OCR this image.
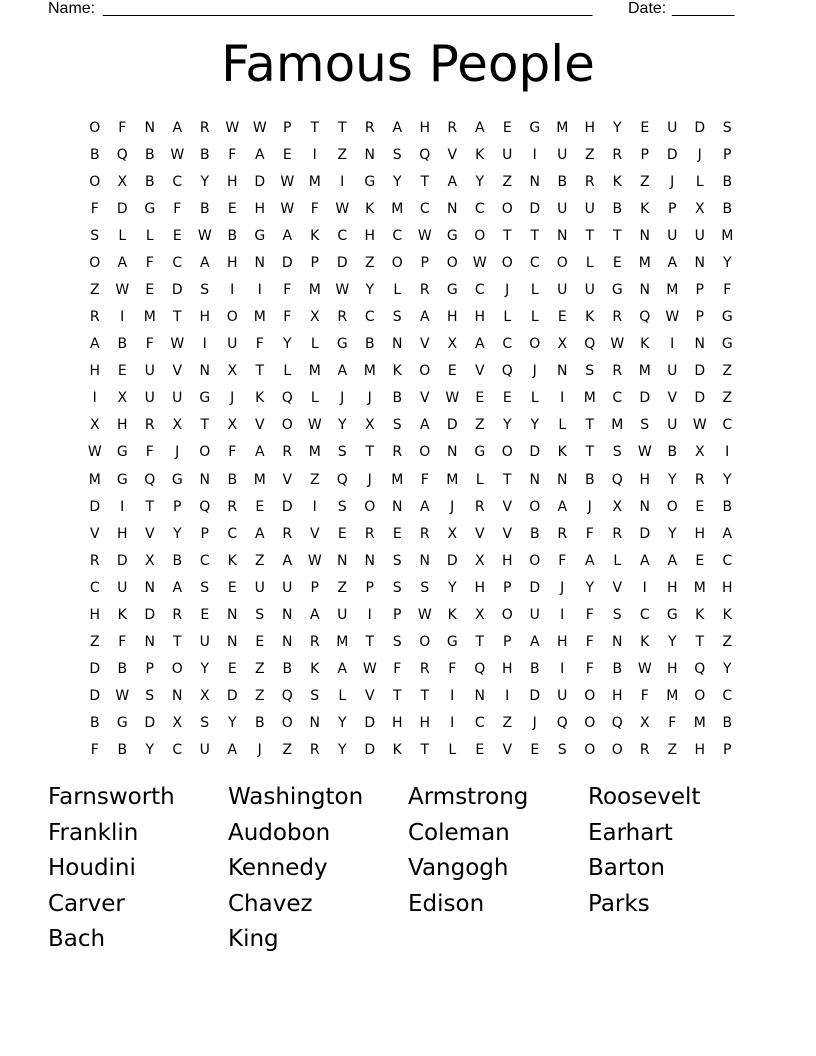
Name: _______________________________________________________ Date: _______
Famous People
O	F	N	A	R	W W	P	T	T	R	A	H	R	A	E	G	M	H	Y	E	U	D	S
B	Q	B	W	B	F	A	E	I	Z	N	S	Q	V	K	U	I	U	Z	R	P	D	J	P
O	X	B	C	Y	H	D	W	M	I	G	Y	T	A	Y	Z	N	B	R	K	Z	J	L	B
F	D	G	F	B	E	H	W	F	W	K	M	C	N	C	O	D	U	U	B	K	P	X	B
S	L	L	E	W	B	G	A	K	C	H	C	W	G	O	T	T	N	T	T	N	U	U	M
O	A	F	C	A	H	N	D	P	D	Z	O	P	O	W	O	C	O	L	E	M	A	N	Y
Z	W	E	D	S	I	I	F	M	W	Y	L	R	G	C	J	L	U	U	G	N	M	P	F
R	I	M	T	H	O	M	F	X	R	C	S	A	H	H	L	L	E	K	R	Q	W	P	G
A	B	F	W	I	U	F	Y	L	G	B	N	V	X	A	C	O	X	Q	W	K	I	N	G
H	E	U	V	N	X	T	L	M	A	M	K	O	E	V	Q	J	N	S	R	M	U	D	Z
I	X	U	U	G	J	K	Q	L	J	J	B	V	W	E	E	L	I	M	C	D	V	D	Z
X	H	R	X	T	X	V	O	W	Y	X	S	A	D	Z	Y	Y	L	T	M	S	U	W	C
W	G	F	J	O	F	A	R	M	S	T	R	O	N	G	O	D	K	T	S	W	B	X	I
M	G	Q	G	N	B	M	V	Z	Q	J	M	F	M	L	T	N	N	B	Q	H	Y	R	Y
D	I	T	P	Q	R	E	D	I	S	O	N	A	J	R	V	O	A	J	X	N	O	E	B
V	H	V	Y	P	C	A	R	V	E	R	E	R	X	V	V	B	R	F	R	D	Y	H	A
R	D	X	B	C	K	Z	A	W	N	N	S	N	D	X	H	O	F	A	L	A	A	E	C
C	U	N	A	S	E	U	U	P	Z	P	S	S	Y	H	P	D	J	Y	V	I	H	M	H
H	K	D	R	E	N	S	N	A	U	I	P	W	K	X	O	U	I	F	S	C	G	K	K
Z	F	N	T	U	N	E	N	R	M	T	S	O	G	T	P	A	H	F	N	K	Y	T	Z
D	B	P	O	Y	E	Z	B	K	A	W	F	R	F	Q	H	B	I	F	B	W	H	Q	Y
D	W	S	N	X	D	Z	Q	S	L	V	T	T	I	N	I	D	U	O	H	F	M	O	C
B	G	D	X	S	Y	B	O	N	Y	D	H	H	I	C	Z	J	Q	O	Q	X	F	M	B
F	B	Y	C	U	A	J	Z	R	Y	D	K	T	L	E	V	E	S	O	O	R	Z	H	P
Farnsworth	Washington	Armstrong	Roosevelt
Franklin	Audobon	Coleman	Earhart
Houdini	Kennedy	Vangogh	Barton
Carver	Chavez	Edison	Parks
Bach	King
